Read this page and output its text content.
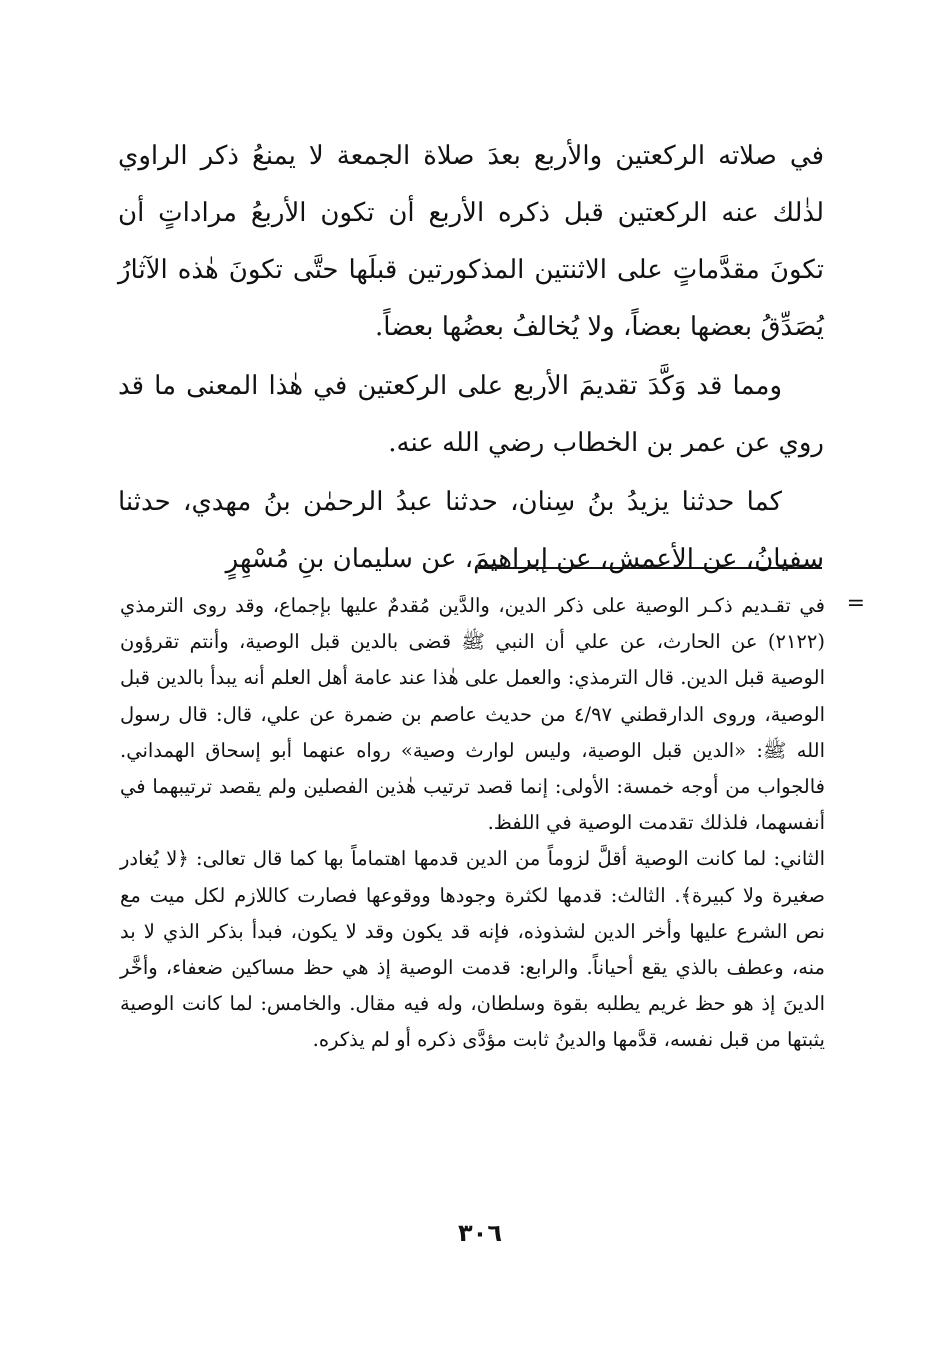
في صلاته الركعتين والأربع بعدَ صلاة الجمعة لا يمنعُ ذكر الراوي لذٰلك عنه الركعتين قبل ذكره الأربع أن تكون الأربعُ مراداتٍ أن تكونَ مقدَّماتٍ على الاثنتين المذكورتين قبلَها حتَّى تكونَ هٰذه الآثارُ يُصَدِّقُ بعضها بعضاً، ولا يُخالفُ بعضُها بعضاً.

ومما قد وَكَّدَ تقديمَ الأربع على الركعتين في هٰذا المعنى ما قد روي عن عمر بن الخطاب رضي الله عنه.

كما حدثنا يزيدُ بنُ سِنان، حدثنا عبدُ الرحمٰن بنُ مهدي، حدثنا سفيانُ، عن الأعمش، عن إبراهيمَ، عن سليمان بنِ مُسْهِرٍ

=

في تقـديم ذكـر الوصية على ذكر الدين، والدَّين مُقدمٌ عليها بإجماع، وقد روى الترمذي (٢١٢٢) عن الحارث، عن علي أن النبي ﷺ قضى بالدين قبل الوصية، وأنتم تقرؤون الوصية قبل الدين. قال الترمذي: والعمل على هٰذا عند عامة أهل العلم أنه يبدأ بالدين قبل الوصية، وروى الدارقطني ٤/٩٧ من حديث عاصم بن ضمرة عن علي، قال: قال رسول الله ﷺ: «الدين قبل الوصية، وليس لوارث وصية» رواه عنهما أبو إسحاق الهمداني. فالجواب من أوجه خمسة: الأولى: إنما قصد ترتيب هٰذين الفصلين ولم يقصد ترتيبهما في أنفسهما، فلذلك تقدمت الوصية في اللفظ.

الثاني: لما كانت الوصية أقلَّ لزوماً من الدين قدمها اهتماماً بها كما قال تعالى: ﴿لا يُغادر صغيرة ولا كبيرة﴾. الثالث: قدمها لكثرة وجودها ووقوعها فصارت كاللازم لكل ميت مع نص الشرع عليها وأخر الدين لشذوذه، فإنه قد يكون وقد لا يكون، فبدأ بذكر الذي لا بد منه، وعطف بالذي يقع أحياناً. والرابع: قدمت الوصية إذ هي حظ مساكين ضعفاء، وأخَّر الدينَ إذ هو حظ غريم يطلبه بقوة وسلطان، وله فيه مقال. والخامس: لما كانت الوصية يثبتها من قبل نفسه، قدَّمها والدينُ ثابت مؤدَّى ذكره أو لم يذكره.

٣٠٦
